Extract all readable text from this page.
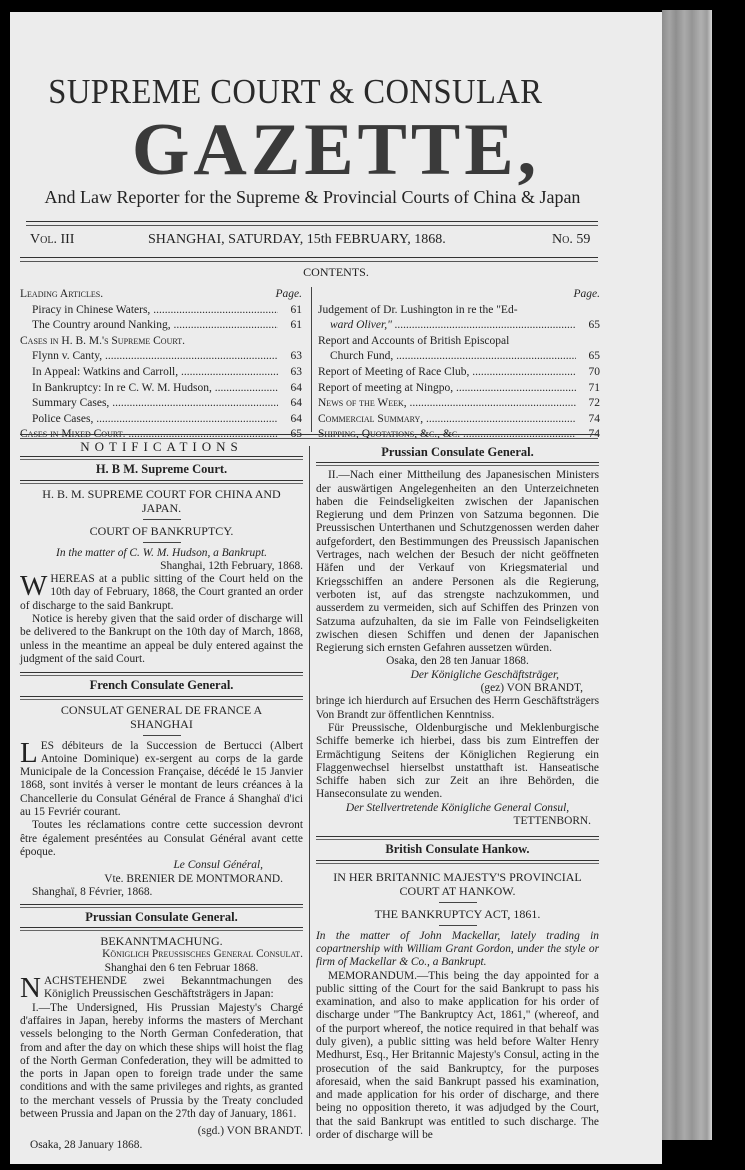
SUPREME COURT & CONSULAR
GAZETTE,
And Law Reporter for the Supreme & Provincial Courts of China & Japan
Vol. III	SHANGHAI, SATURDAY, 15th FEBRUARY, 1868.	No. 59
CONTENTS.
Leading Articles.	Page.
Piracy in Chinese Waters, .....	61
The Country around Nanking, .....	61
Cases in H. B. M.'s Supreme Court.
Flynn v. Canty, .....	63
In Appeal: Watkins and Carroll, .....	63
In Bankruptcy: In re C. W. M. Hudson, .....	64
Summary Cases, .....	64
Police Cases, .....	64
Cases in Mixed Court. .....	65
Page.
Judgement of Dr. Lushington in re the "Ed-
ward Oliver," .....	65
Report and Accounts of British Episcopal
Church Fund, .....	65
Report of Meeting of Race Club, .....	70
Report of meeting at Ningpo, .....	71
News of the Week, .....	72
Commercial Summary, .....	74
Shipping, Quotations, &c., &c. .....	74
NOTIFICATIONS
H. B M. Supreme Court.
H. B. M. SUPREME COURT FOR CHINA AND JAPAN.
COURT OF BANKRUPTCY.
In the matter of C. W. M. Hudson, a Bankrupt.
Shanghai, 12th February, 1868.

WHEREAS at a public sitting of the Court held on the 10th day of February, 1868, the Court granted an order of discharge to the said Bankrupt.

Notice is hereby given that the said order of discharge will be delivered to the Bankrupt on the 10th day of March, 1868, unless in the meantime an appeal be duly entered against the judgment of the said Court.

French Consulate General.
CONSULAT GENERAL DE FRANCE A SHANGHAI

LES débiteurs de la Succession de Bertucci (Albert Antoine Dominique) ex-sergent au corps de la garde Municipale de la Concession Française, décédé le 15 Janvier 1868, sont invités à verser le montant de leurs créances à la Chancellerie du Consulat Général de France á Shanghaï d'ici au 15 Fevriér courant.

Toutes les réclamations contre cette succession devront être également preséntées au Consulat Général avant cette époque.

Le Consul Général,
Vte. BRENIER DE MONTMORAND.
Shanghaï, 8 Février, 1868.
Prussian Consulate General.
BEKANNTMACHUNG.
Königlich Preussisches General Consulat.
Shanghai den 6 ten Februar 1868.

NACHSTEHENDE zwei Bekanntmachungen des Königlich Preussischen Geschäftsträgers in Japan:

I.—The Undersigned, His Prussian Majesty's Chargé d'affaires in Japan, hereby informs the masters of Merchant vessels belonging to the North German Confederation, that from and after the day on which these ships will hoist the flag of the North German Confederation, they will be admitted to the ports in Japan open to foreign trade under the same conditions and with the same privileges and rights, as granted to the merchant vessels of Prussia by the Treaty concluded between Prussia and Japan on the 27th day of January, 1861.

(sgd.) VON BRANDT.
Osaka, 28 January 1868.
Prussian Consulate General.

II.—Nach einer Mittheilung des Japanesischen Ministers der auswärtigen Angelegenheiten an den Unterzeichneten haben die Feindseligkeiten zwischen der Japanischen Regierung und dem Prinzen von Satzuma begonnen. Die Preussischen Unterthanen und Schutzgenossen werden daher aufgefordert, den Bestimmungen des Preussisch Japanischen Vertrages, nach welchen der Besuch der nicht geöffneten Häfen und der Verkauf von Kriegsmaterial und Kriegsschiffen an andere Personen als die Regierung, verboten ist, auf das strengste nachzukommen, und ausserdem zu vermeiden, sich auf Schiffen des Prinzen von Satzuma aufzuhalten, da sie im Falle von Feindseligkeiten zwischen diesen Schiffen und denen der Japanischen Regierung sich ernsten Gefahren aussetzen würden.

Osaka, den 28 ten Januar 1868.
Der Königliche Geschäftsträger,
(gez) VON BRANDT,

bringe ich hierdurch auf Ersuchen des Herrn Geschäftsträgers Von Brandt zur öffentlichen Kenntniss.

Für Preussische, Oldenburgische und Meklenburgische Schiffe bemerke ich hierbei, dass bis zum Eintreffen der Ermächtigung Seitens der Königlichen Regierung ein Flaggenwechsel hierselbst unstatthaft ist. Hanseatische Schiffe haben sich zur Zeit an ihre Behörden, die Hanseconsulate zu wenden.

Der Stellvertretende Königliche General Consul,
TETTENBORN.
British Consulate Hankow.
IN HER BRITANNIC MAJESTY'S PROVINCIAL COURT AT HANKOW.
THE BANKRUPTCY ACT, 1861.
In the matter of John Mackellar, lately trading in copartnership with William Grant Gordon, under the style or firm of Mackellar & Co., a Bankrupt.

MEMORANDUM.—This being the day appointed for a public sitting of the Court for the said Bankrupt to pass his examination, and also to make application for his order of discharge under "The Bankruptcy Act, 1861," (whereof, and of the purport whereof, the notice required in that behalf was duly given), a public sitting was held before Walter Henry Medhurst, Esq., Her Britannic Majesty's Consul, acting in the prosecution of the said Bankruptcy, for the purposes aforesaid, when the said Bankrupt passed his examination, and made application for his order of discharge, and there being no opposition thereto, it was adjudged by the Court, that the said Bankrupt was entitled to such discharge. The order of discharge will be
